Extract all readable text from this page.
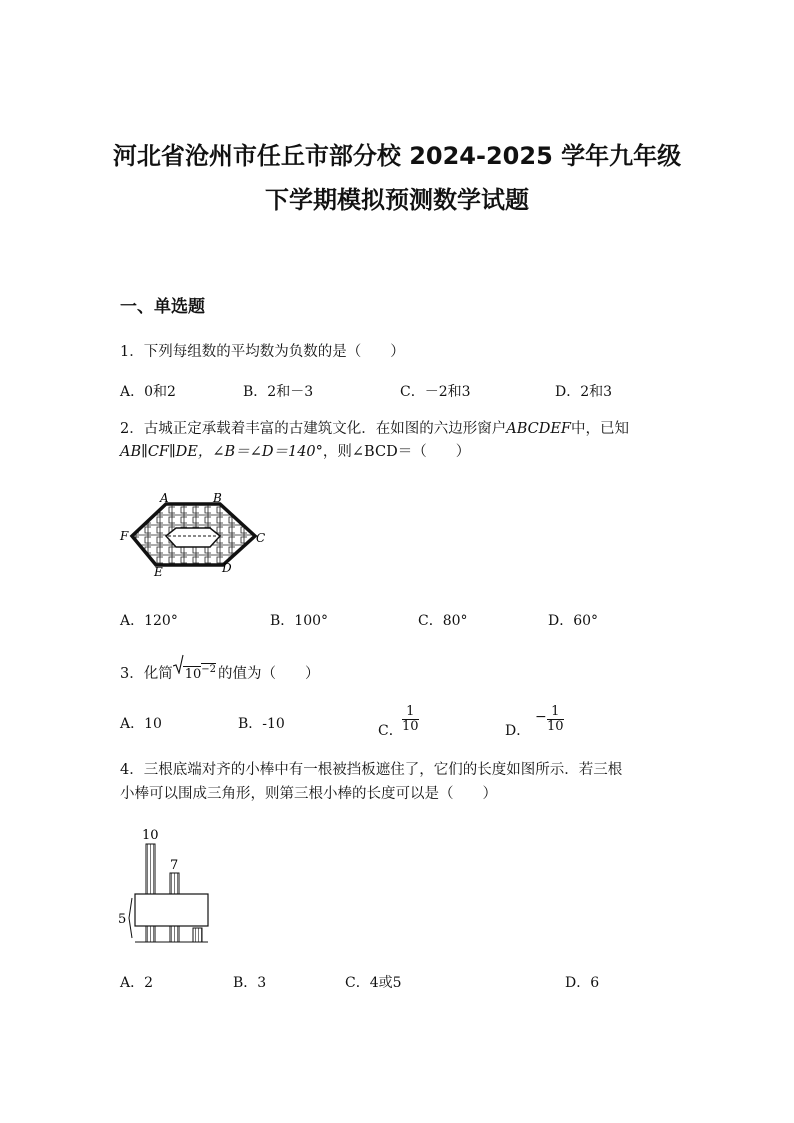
河北省沧州市任丘市部分校 2024-2025 学年九年级
下学期模拟预测数学试题
一、单选题
1．下列每组数的平均数为负数的是（　　）
A．0和2	B．2和－3	C．－2和3	D．2和3
2．古城正定承载着丰富的古建筑文化．在如图的六边形窗户ABCDEF中，已知
AB∥CF∥DE，∠B＝∠D＝140°，则∠BCD＝（　　）
A	B
C
D
E
F
A．120°	B．100°	C．80°	D．60°
3．化简 $10^{-2}$ 的值为（　　）
A．10	B．-10	C． $\frac{1}{10}$	D．
− $\frac{1}{10}$
4．三根底端对齐的小棒中有一根被挡板遮住了，它们的长度如图所示．若三根
小棒可以围成三角形，则第三根小棒的长度可以是（　　）
10
7
5
A．2	B．3	C．4或5	D．6
